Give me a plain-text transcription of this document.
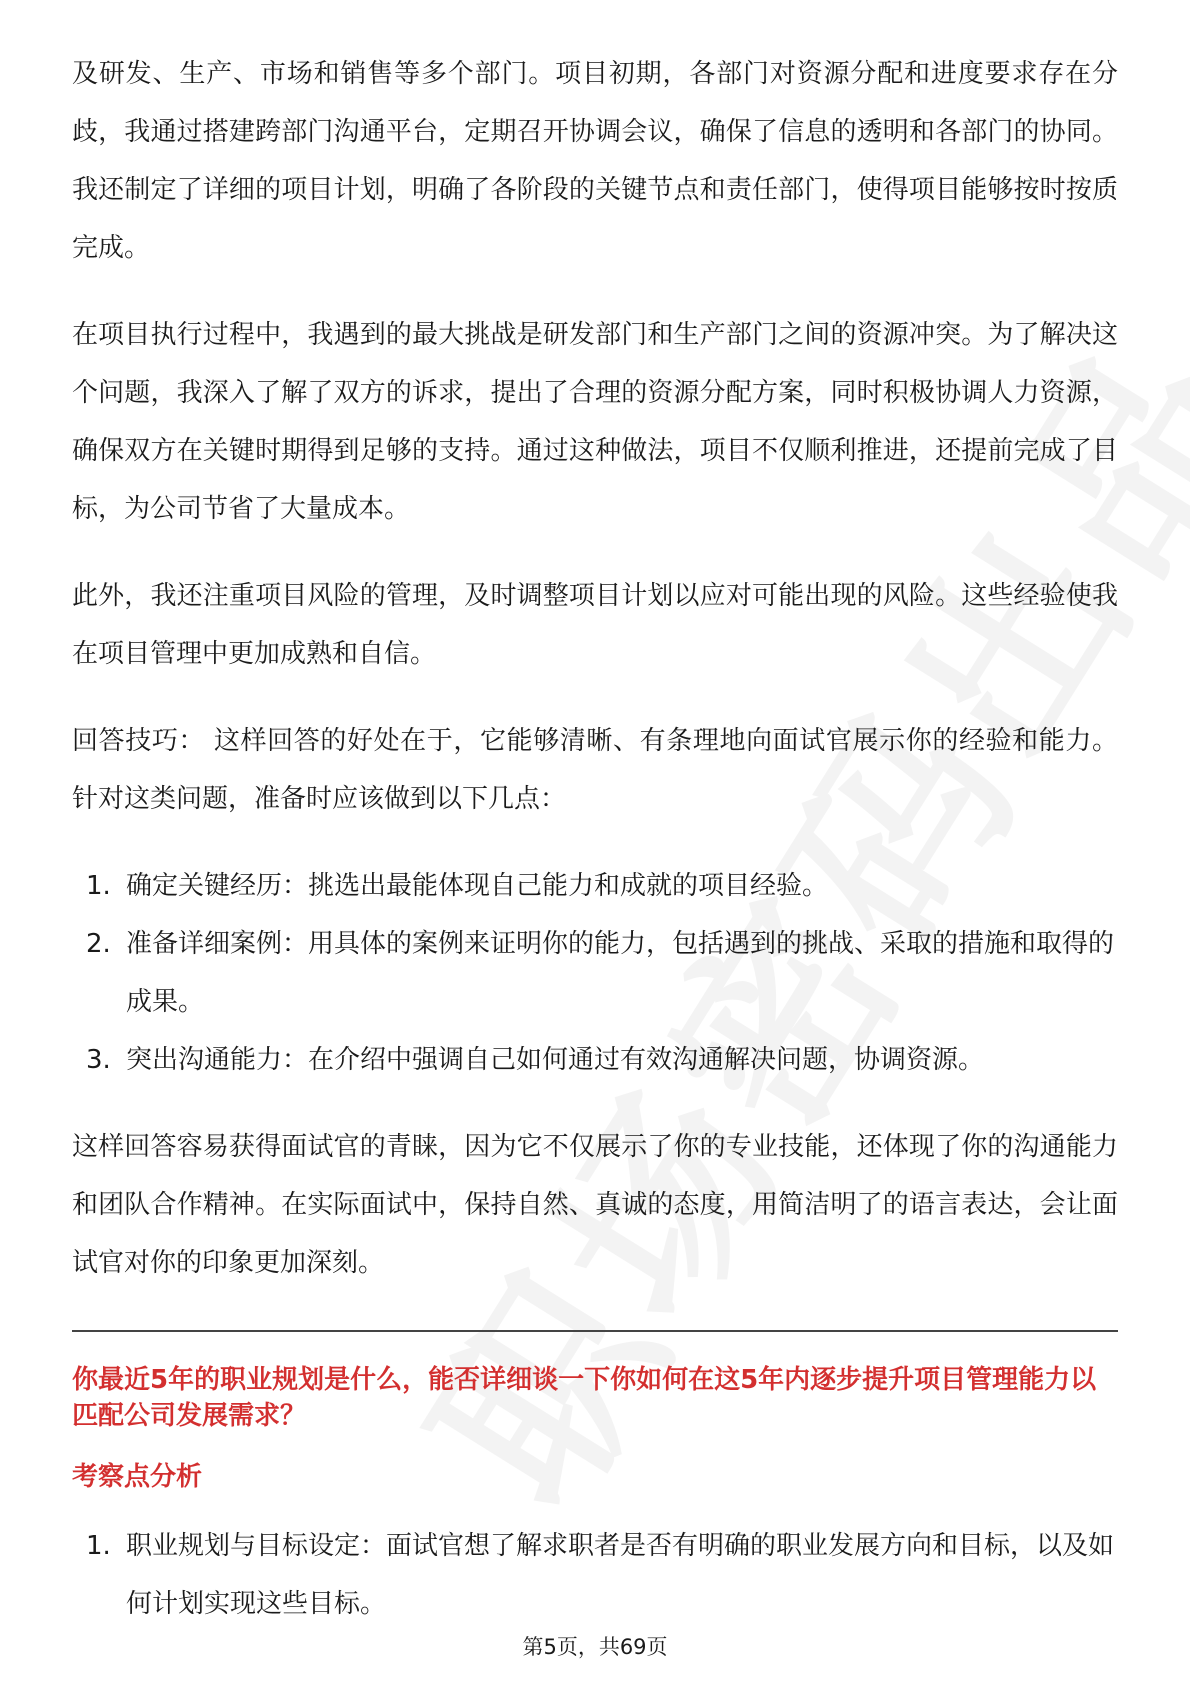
及研发、生产、市场和销售等多个部门。项目初期，各部门对资源分配和进度要求存在分歧，我通过搭建跨部门沟通平台，定期召开协调会议，确保了信息的透明和各部门的协同。我还制定了详细的项目计划，明确了各阶段的关键节点和责任部门，使得项目能够按时按质完成。

在项目执行过程中，我遇到的最大挑战是研发部门和生产部门之间的资源冲突。为了解决这个问题，我深入了解了双方的诉求，提出了合理的资源分配方案，同时积极协调人力资源，确保双方在关键时期得到足够的支持。通过这种做法，项目不仅顺利推进，还提前完成了目标，为公司节省了大量成本。

此外，我还注重项目风险的管理，及时调整项目计划以应对可能出现的风险。这些经验使我在项目管理中更加成熟和自信。

回答技巧： 这样回答的好处在于，它能够清晰、有条理地向面试官展示你的经验和能力。针对这类问题，准备时应该做到以下几点：

1. 确定关键经历：挑选出最能体现自己能力和成就的项目经验。
2. 准备详细案例：用具体的案例来证明你的能力，包括遇到的挑战、采取的措施和取得的成果。
3. 突出沟通能力：在介绍中强调自己如何通过有效沟通解决问题，协调资源。

这样回答容易获得面试官的青睐，因为它不仅展示了你的专业技能，还体现了你的沟通能力和团队合作精神。在实际面试中，保持自然、真诚的态度，用简洁明了的语言表达，会让面试官对你的印象更加深刻。

你最近5年的职业规划是什么，能否详细谈一下你如何在这5年内逐步提升项目管理能力以匹配公司发展需求？
考察点分析
1. 职业规划与目标设定：面试官想了解求职者是否有明确的职业发展方向和目标，以及如何计划实现这些目标。
第5页，共69页
